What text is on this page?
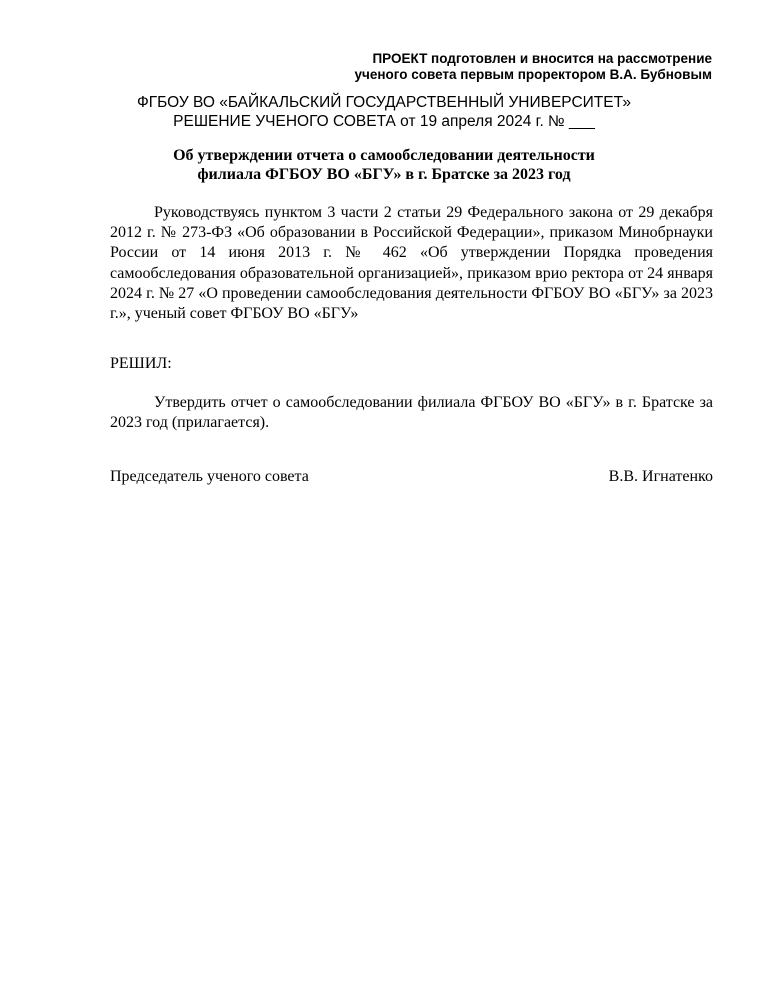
ПРОЕКТ подготовлен и вносится на рассмотрение
ученого совета первым проректором В.А. Бубновым
ФГБОУ ВО «БАЙКАЛЬСКИЙ ГОСУДАРСТВЕННЫЙ УНИВЕРСИТЕТ»
РЕШЕНИЕ УЧЕНОГО СОВЕТА от 19 апреля 2024 г. № ___
Об утверждении отчета о самообследовании деятельности
филиала ФГБОУ ВО «БГУ» в г. Братске за 2023 год
Руководствуясь пунктом 3 части 2 статьи 29 Федерального закона от 29 декабря 2012 г. № 273-ФЗ «Об образовании в Российской Федерации», приказом Минобрнауки России от 14 июня 2013 г. № 462 «Об утверждении Порядка проведения самообследования образовательной организацией», приказом врио ректора от 24 января 2024 г. № 27 «О проведении самообследования деятельности ФГБОУ ВО «БГУ» за 2023 г.», ученый совет ФГБОУ ВО «БГУ»
РЕШИЛ:
Утвердить отчет о самообследовании филиала ФГБОУ ВО «БГУ» в г. Братске за 2023 год (прилагается).
Председатель ученого совета	В.В. Игнатенко
